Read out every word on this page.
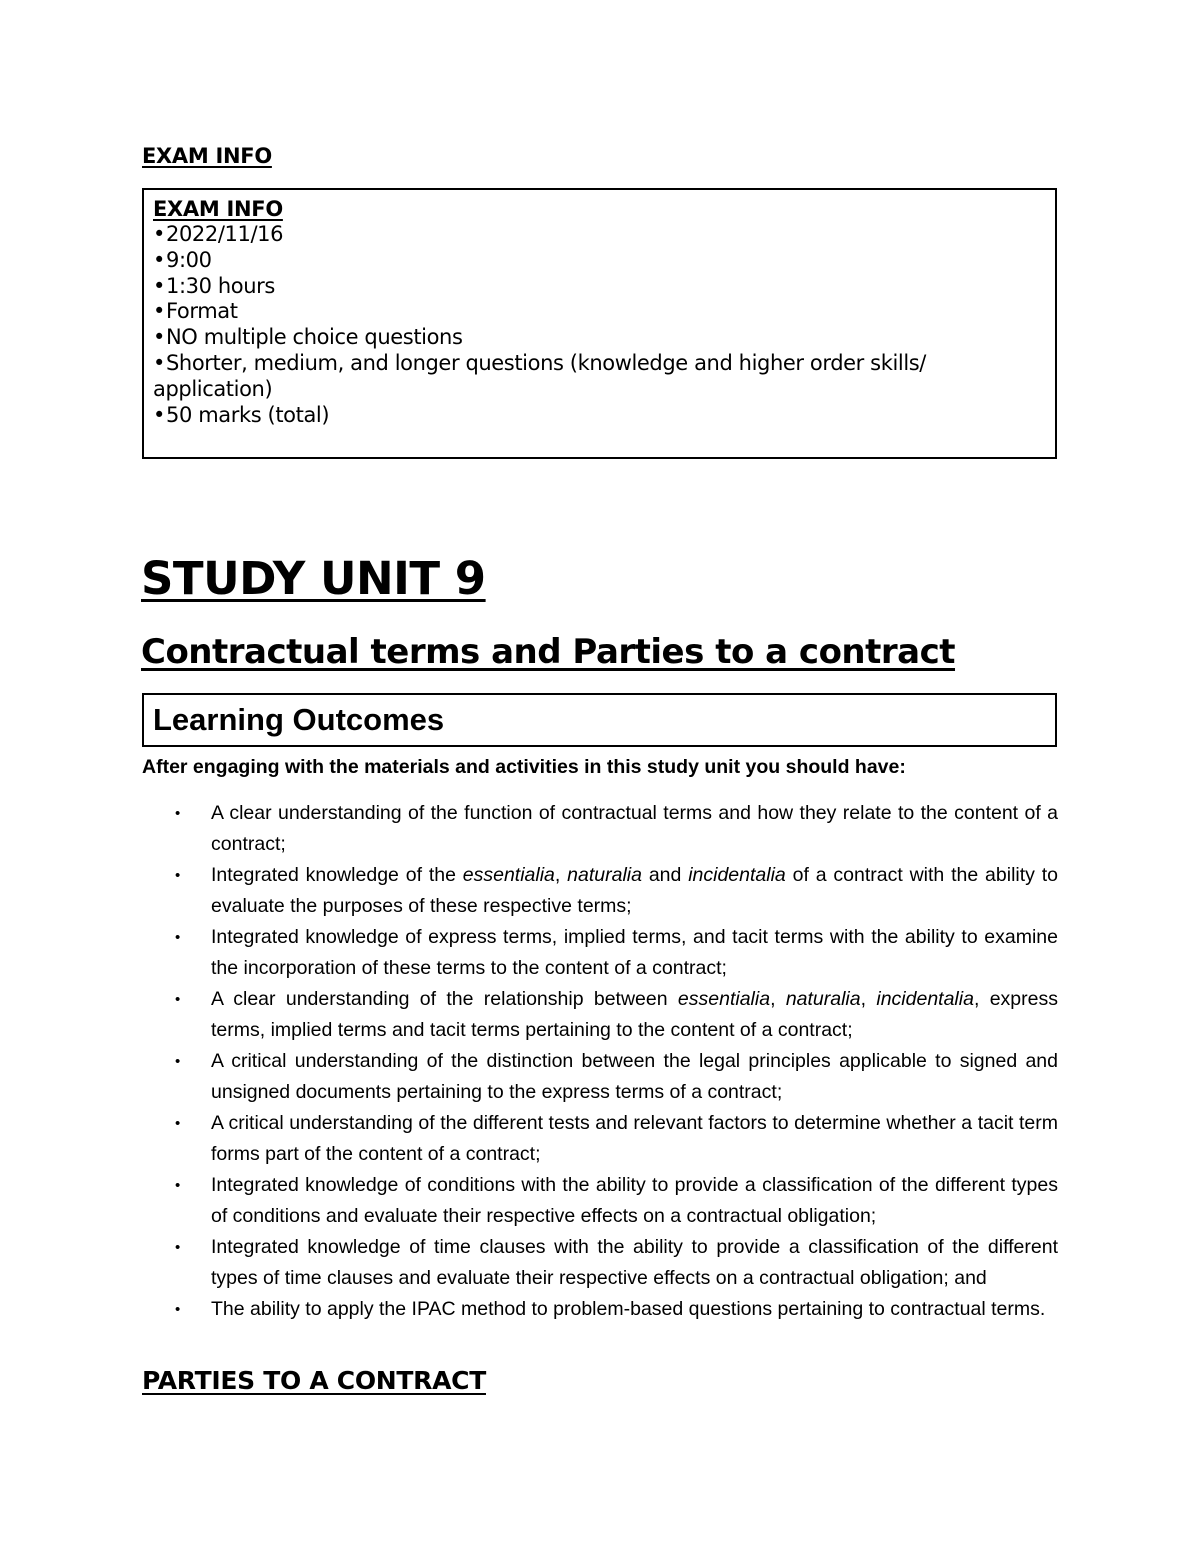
EXAM INFO
EXAM INFO
•2022/11/16
•9:00
•1:30 hours
•Format
•NO multiple choice questions
•Shorter, medium, and longer questions (knowledge and higher order skills/ application)
•50 marks (total)
STUDY UNIT 9
Contractual terms and Parties to a contract
Learning Outcomes
After engaging with the materials and activities in this study unit you should have:
•	A clear understanding of the function of contractual terms and how they relate to the content of a contract;
•	Integrated knowledge of the essentialia, naturalia and incidentalia of a contract with the ability to evaluate the purposes of these respective terms;
•	Integrated knowledge of express terms, implied terms, and tacit terms with the ability to examine the incorporation of these terms to the content of a contract;
•	A clear understanding of the relationship between essentialia, naturalia, incidentalia, express terms, implied terms and tacit terms pertaining to the content of a contract;
•	A critical understanding of the distinction between the legal principles applicable to signed and unsigned documents pertaining to the express terms of a contract;
•	A critical understanding of the different tests and relevant factors to determine whether a tacit term forms part of the content of a contract;
•	Integrated knowledge of conditions with the ability to provide a classification of the different types of conditions and evaluate their respective effects on a contractual obligation;
•	Integrated knowledge of time clauses with the ability to provide a classification of the different types of time clauses and evaluate their respective effects on a contractual obligation; and
•	The ability to apply the IPAC method to problem-based questions pertaining to contractual terms.
PARTIES TO A CONTRACT
